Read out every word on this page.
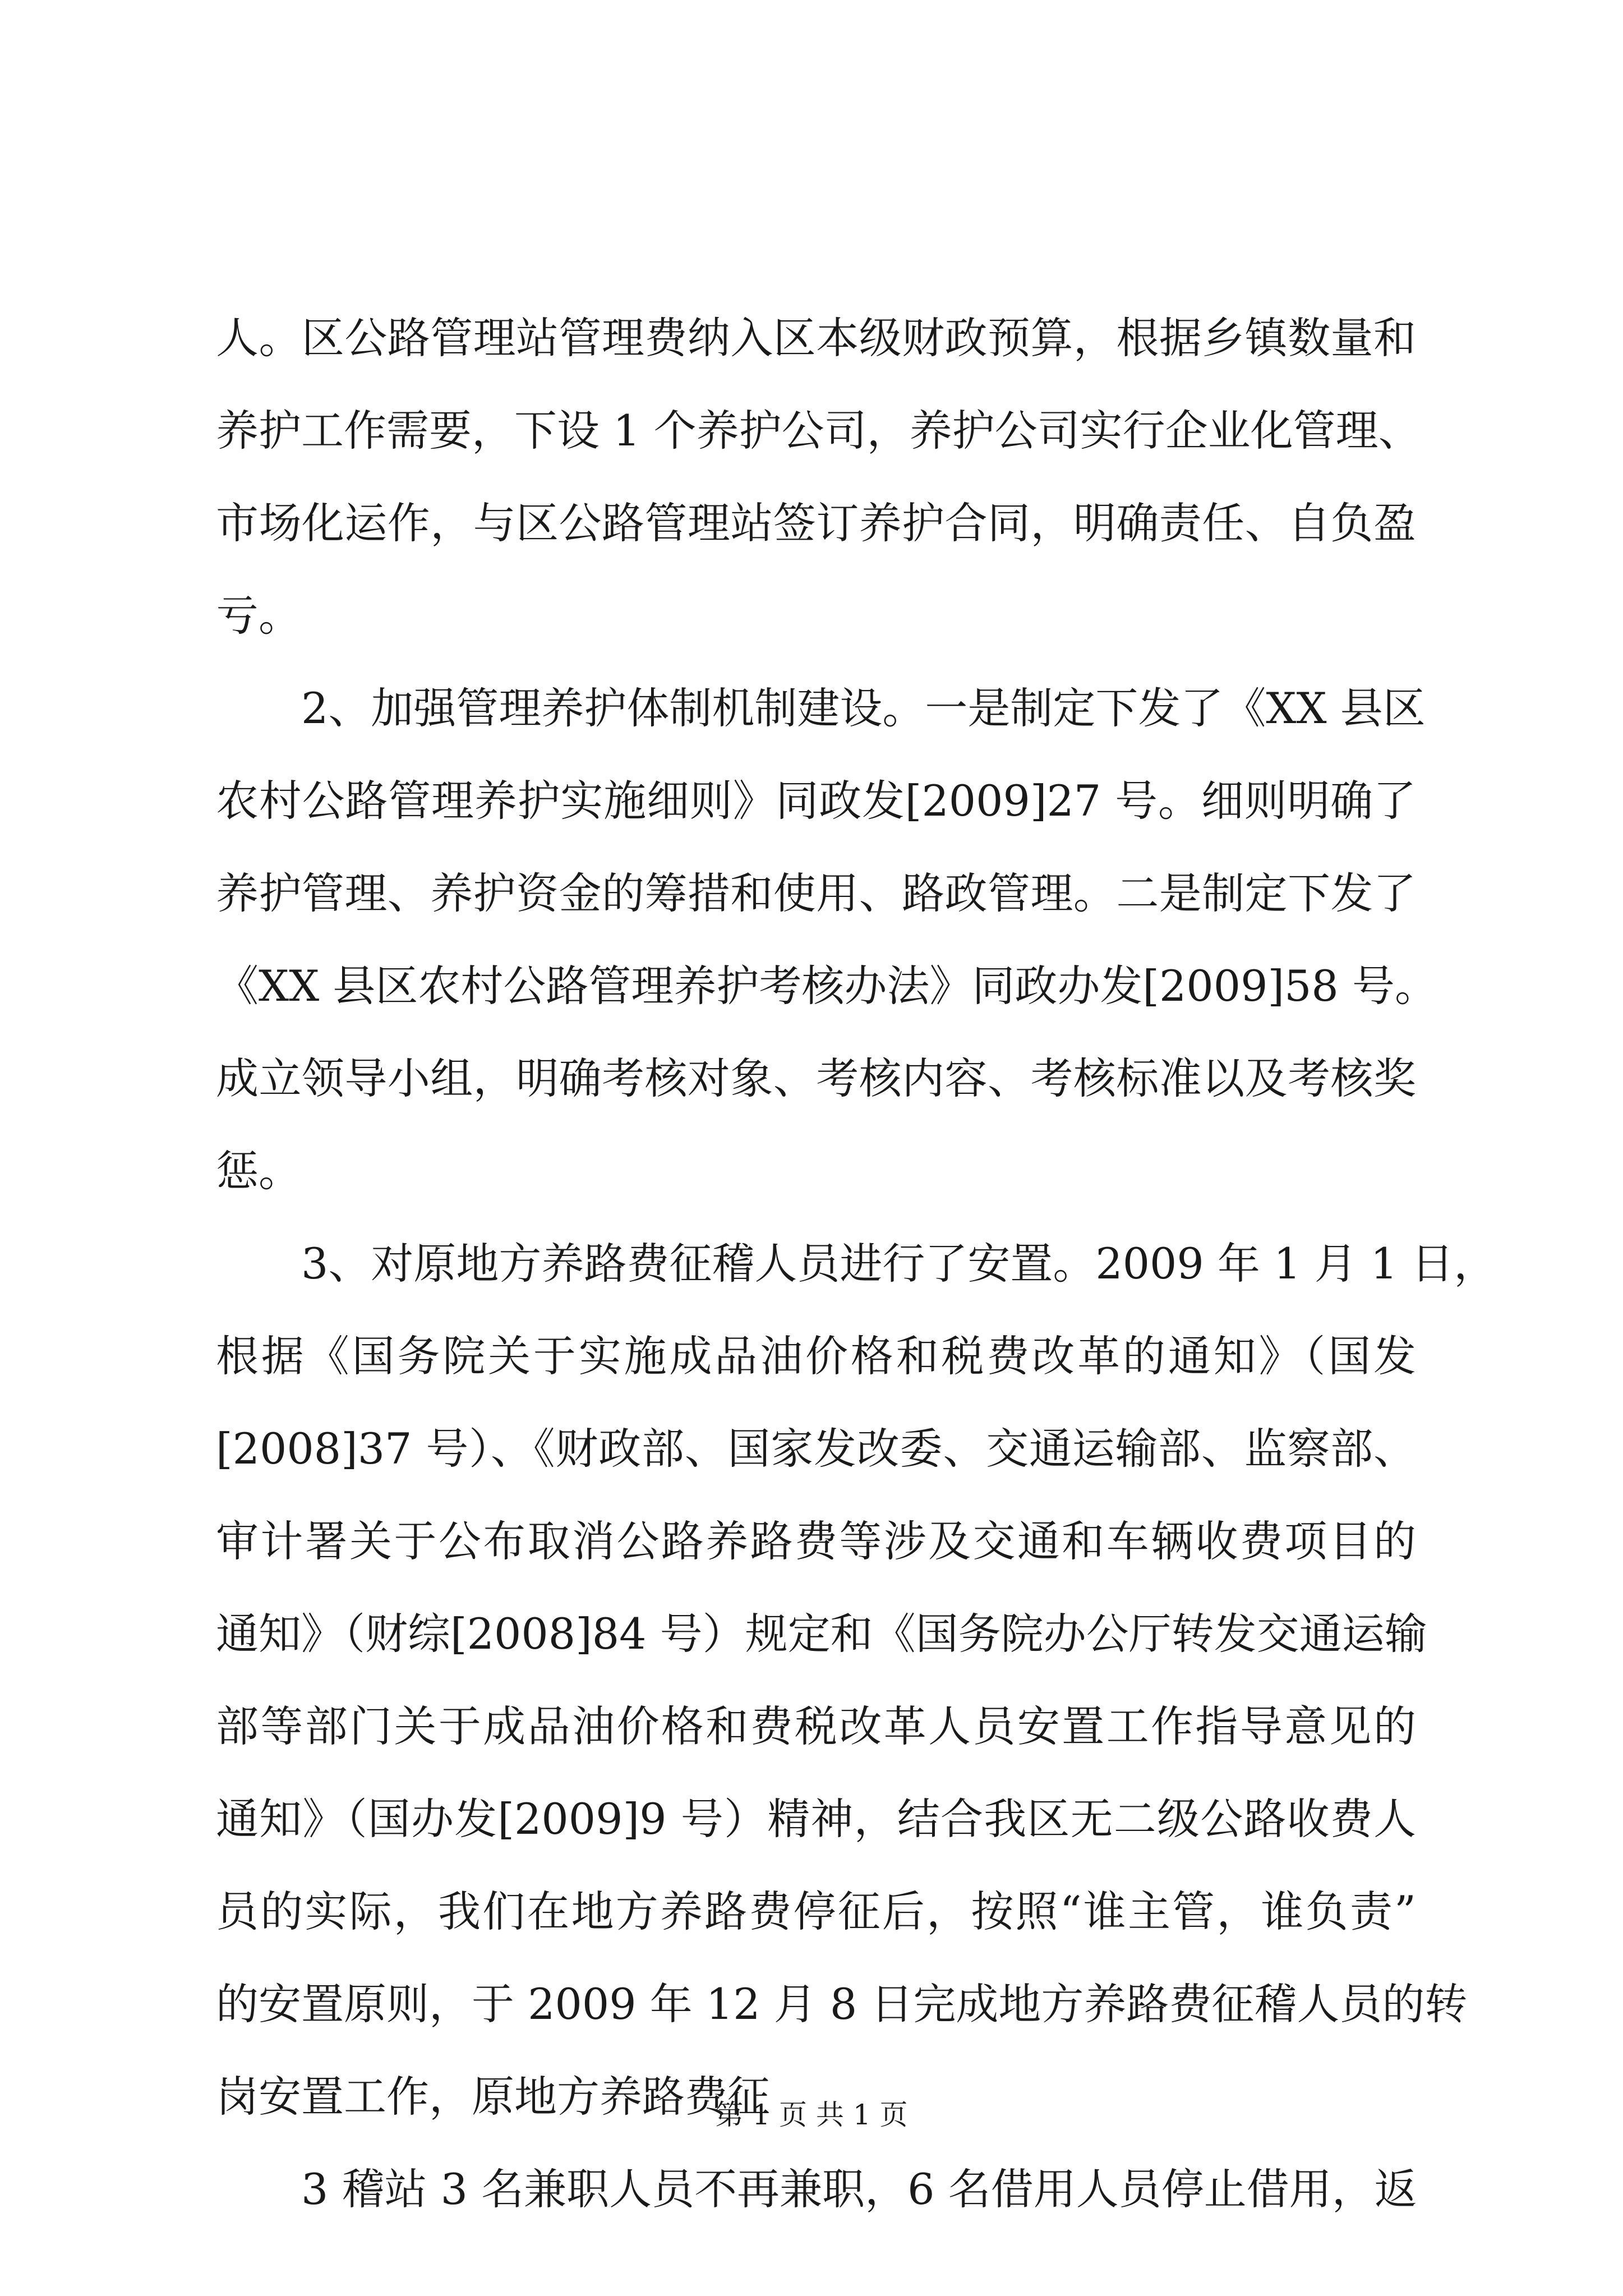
人。区公路管理站管理费纳入区本级财政预算，根据乡镇数量和
养护工作需要，下设 1 个养护公司，养护公司实行企业化管理、
市场化运作，与区公路管理站签订养护合同，明确责任、自负盈
亏。
2、加强管理养护体制机制建设。一是制定下发了《XX 县区
农村公路管理养护实施细则》同政发[2009]27 号。细则明确了
养护管理、养护资金的筹措和使用、路政管理。二是制定下发了
《XX 县区农村公路管理养护考核办法》同政办发[2009]58 号。
成立领导小组，明确考核对象、考核内容、考核标准以及考核奖
惩。
3、对原地方养路费征稽人员进行了安置。2009 年 1 月 1 日，
根据《国务院关于实施成品油价格和税费改革的通知》（国发
[2008]37 号）、《财政部、国家发改委、交通运输部、监察部、
审计署关于公布取消公路养路费等涉及交通和车辆收费项目的
通知》（财综[2008]84 号）规定和《国务院办公厅转发交通运输
部等部门关于成品油价格和费税改革人员安置工作指导意见的
通知》（国办发[2009]9 号）精神，结合我区无二级公路收费人
员的实际，我们在地方养路费停征后，按照“谁主管，谁负责”
的安置原则，于 2009 年 12 月 8 日完成地方养路费征稽人员的转
岗安置工作，原地方养路费征
3 稽站 3 名兼职人员不再兼职，6 名借用人员停止借用，返
第 1 页 共 1 页
